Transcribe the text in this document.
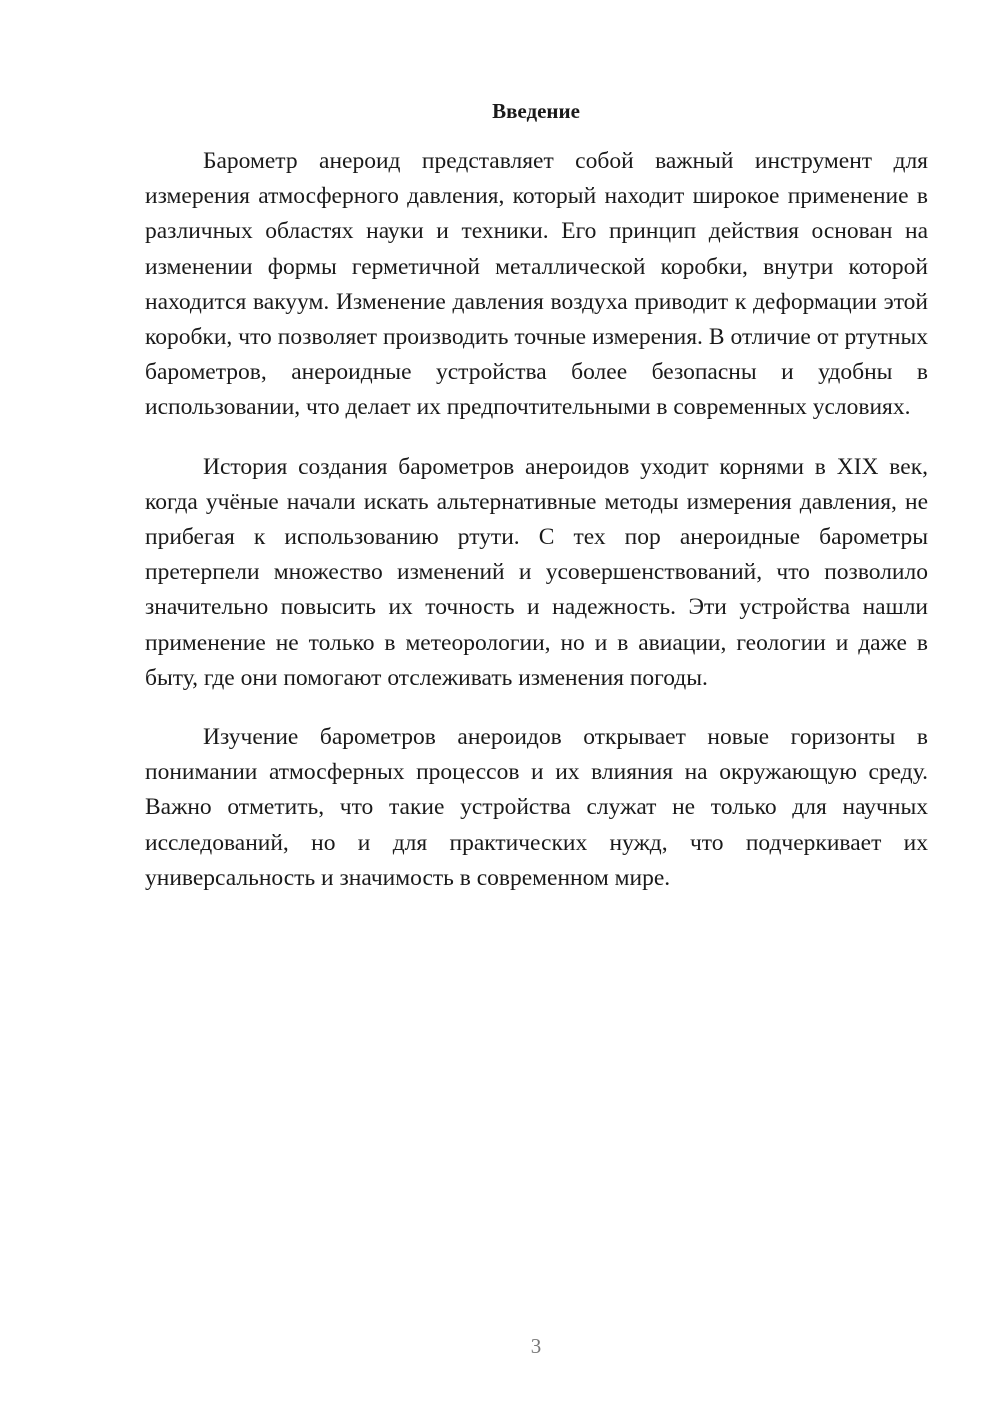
Введение

Барометр анероид представляет собой важный инструмент для измерения атмосферного давления, который находит широкое применение в различных областях науки и техники. Его принцип действия основан на изменении формы герметичной металлической коробки, внутри которой находится вакуум. Изменение давления воздуха приводит к деформации этой коробки, что позволяет производить точные измерения. В отличие от ртутных барометров, анероидные устройства более безопасны и удобны в использовании, что делает их предпочтительными в современных условиях.

История создания барометров анероидов уходит корнями в XIX век, когда учёные начали искать альтернативные методы измерения давления, не прибегая к использованию ртути. С тех пор анероидные барометры претерпели множество изменений и усовершенствований, что позволило значительно повысить их точность и надежность. Эти устройства нашли применение не только в метеорологии, но и в авиации, геологии и даже в быту, где они помогают отслеживать изменения погоды.

Изучение барометров анероидов открывает новые горизонты в понимании атмосферных процессов и их влияния на окружающую среду. Важно отметить, что такие устройства служат не только для научных исследований, но и для практических нужд, что подчеркивает их универсальность и значимость в современном мире.

3
